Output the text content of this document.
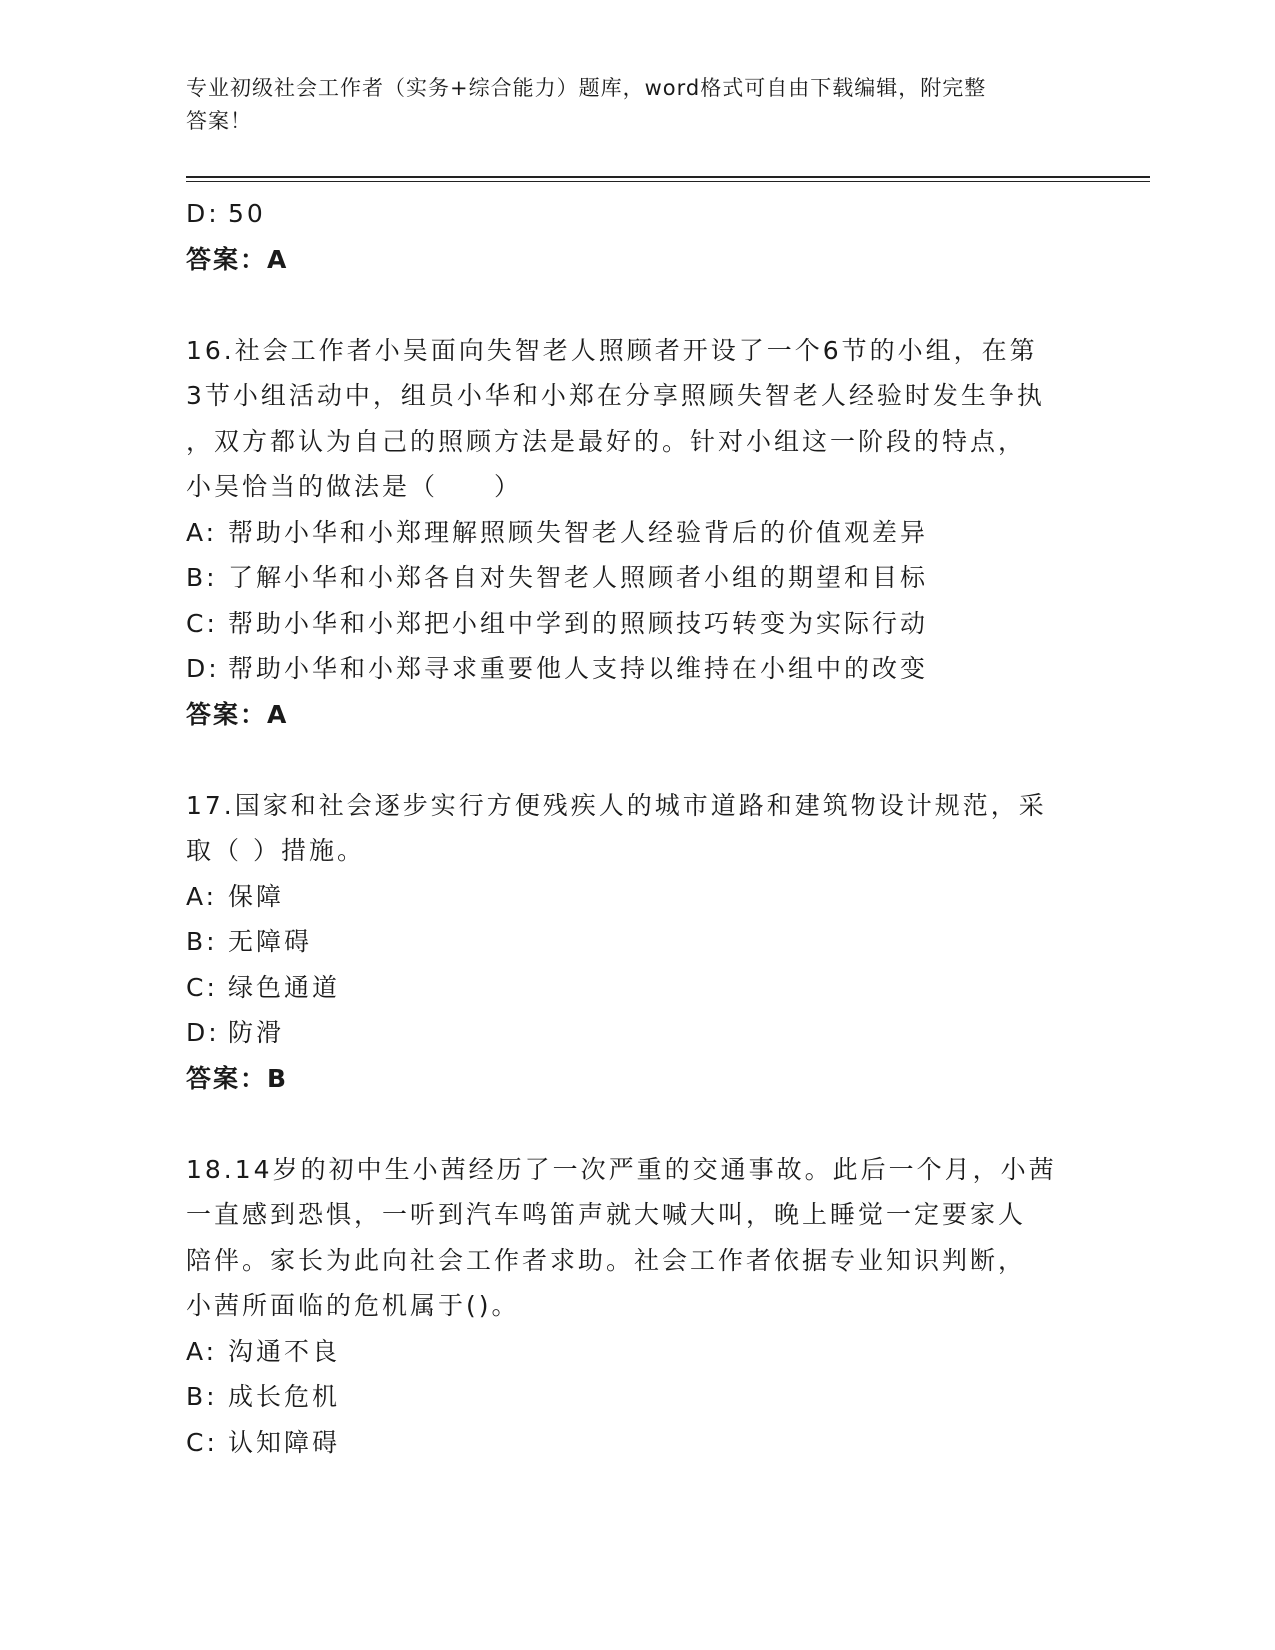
专业初级社会工作者（实务+综合能力）题库，word格式可自由下载编辑，附完整
答案！
D: 50
答案：A
16.社会工作者小吴面向失智老人照顾者开设了一个6节的小组，在第
3节小组活动中，组员小华和小郑在分享照顾失智老人经验时发生争执
，双方都认为自己的照顾方法是最好的。针对小组这一阶段的特点，
小吴恰当的做法是（　　）
A: 帮助小华和小郑理解照顾失智老人经验背后的价值观差异
B: 了解小华和小郑各自对失智老人照顾者小组的期望和目标
C: 帮助小华和小郑把小组中学到的照顾技巧转变为实际行动
D: 帮助小华和小郑寻求重要他人支持以维持在小组中的改变
答案：A
17.国家和社会逐步实行方便残疾人的城市道路和建筑物设计规范，采
取（ ）措施。
A: 保障
B: 无障碍
C: 绿色通道
D: 防滑
答案：B
18.14岁的初中生小茜经历了一次严重的交通事故。此后一个月，小茜
一直感到恐惧，一听到汽车鸣笛声就大喊大叫，晚上睡觉一定要家人
陪伴。家长为此向社会工作者求助。社会工作者依据专业知识判断，
小茜所面临的危机属于()。
A: 沟通不良
B: 成长危机
C: 认知障碍
